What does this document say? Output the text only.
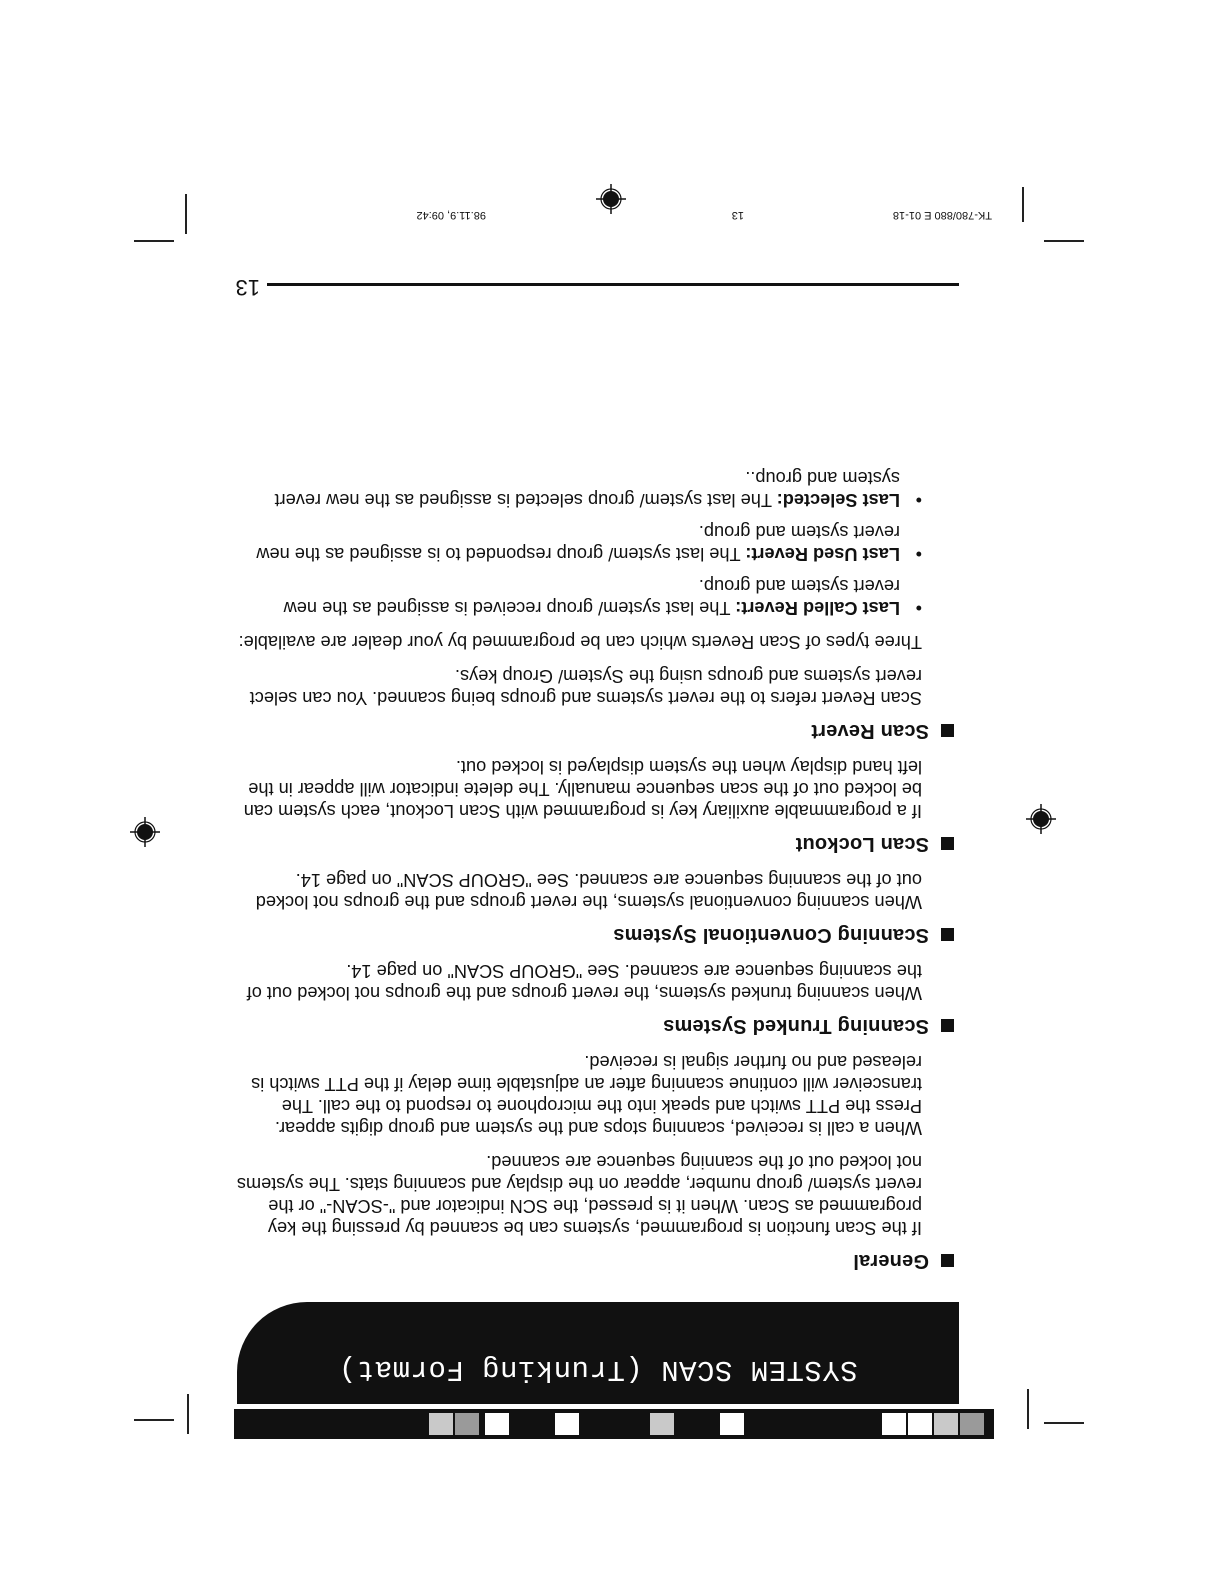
SYSTEM SCAN (Trunking Format)
General

If the Scan function is programmed, systems can be scanned by pressing the key programmed as Scan. When it is pressed, the SCN indicator and "-SCAN-" or the revert system/ group number, appear on the display and scanning stats. The systems not locked out of the scanning sequence are scanned.

When a call is received, scanning stops and the system and group digits appear. Press the PTT switch and speak into the microphone to respond to the call. The transceiver will continue scanning after an adjustable time delay if the PTT switch is released and no further signal is received.

Scanning Trunked Systems

When scanning trunked systems, the revert groups and the groups not locked out of the scanning sequence are scanned. See "GROUP SCAN" on page 14.

Scanning Conventional Systems

When scanning conventional systems, the revert groups and the groups not locked out of the scanning sequence are scanned. See "GROUP SCAN" on page 14.

Scan Lockout

If a programmable auxiliary key is programmed with Scan Lockout, each system can be locked out of the scan sequence manually. The delete indicator will appear in the left hand display when the system displayed is locked out.

Scan Revert

Scan Revert refers to the revert systems and groups being scanned. You can select revert systems and groups using the System/ Group keys.

Three types of Scan Reverts which can be programmed by your dealer are available:

• Last Called Revert: The last system/ group received is assigned as the new revert system and group.
• Last Used Revert: The last system/ group responded to is assigned as the new revert system and group.
• Last Selected: The last system/ group selected is assigned as the new revert system and group..
13
TK-780/880 E 01-18
13
98.11.9, 09:42
